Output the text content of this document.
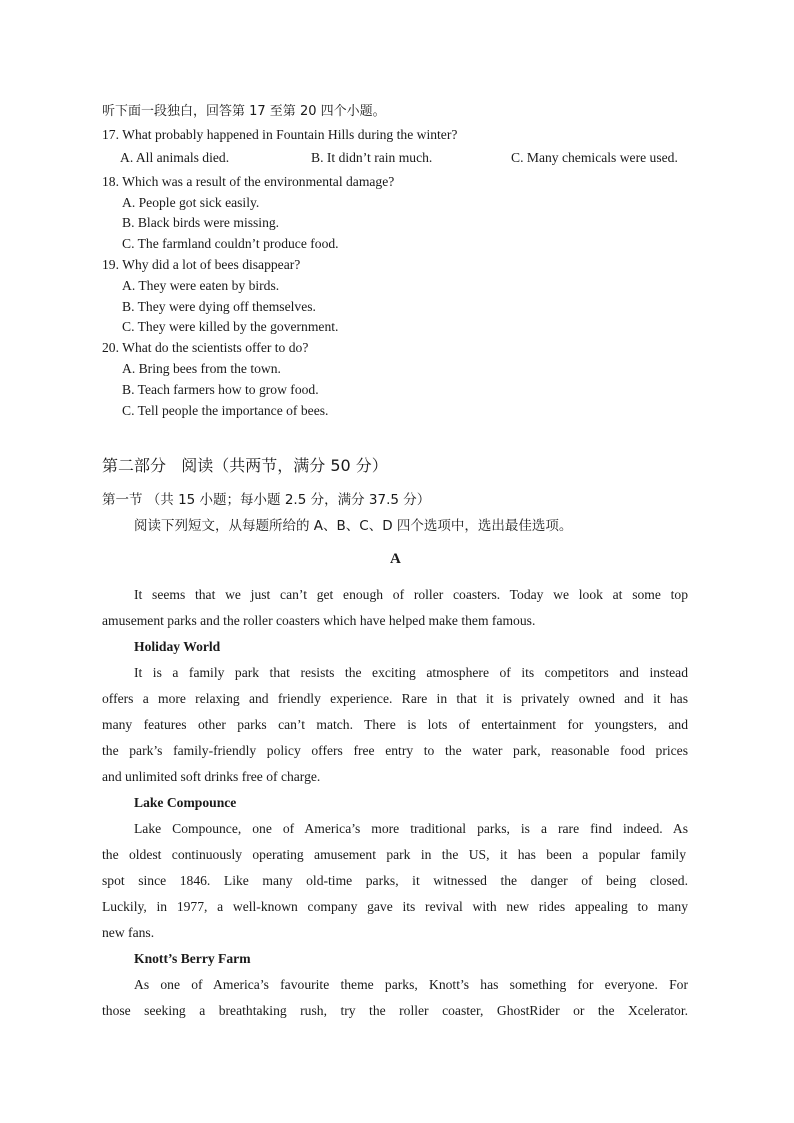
听下面一段独白，回答第 17 至第 20 四个小题。
17. What probably happened in Fountain Hills during the winter?
A. All animals died.	B. It didn’t rain much.	C. Many chemicals were used.
18. Which was a result of the environmental damage?
A. People got sick easily.
B. Black birds were missing.
C. The farmland couldn’t produce food.
19. Why did a lot of bees disappear?
A. They were eaten by birds.
B. They were dying off themselves.
C. They were killed by the government.
20. What do the scientists offer to do?
A. Bring bees from the town.
B. Teach farmers how to grow food.
C. Tell people the importance of bees.
第二部分   阅读（共两节，满分 50 分）
第一节 （共 15 小题；每小题 2.5 分，满分 37.5 分）
阅读下列短文，从每题所给的 A、B、C、D 四个选项中，选出最佳选项。
A
It seems that we just can’t get enough of roller coasters. Today we look at some top
amusement parks and the roller coasters which have helped make them famous.
Holiday World
It is a family park that resists the exciting atmosphere of its competitors and instead
offers a more relaxing and friendly experience. Rare in that it is privately owned and it has
many features other parks can’t match. There is lots of entertainment for youngsters, and
the park’s family-friendly policy offers free entry to the water park, reasonable food prices
and unlimited soft drinks free of charge.
Lake Compounce
Lake Compounce, one of America’s more traditional parks, is a rare find indeed. As
the oldest continuously operating amusement park in the US, it has been a popular family
spot since 1846. Like many old-time parks, it witnessed the danger of being closed.
Luckily, in 1977, a well-known company gave its revival with new rides appealing to many
new fans.
Knott’s Berry Farm
As one of America’s favourite theme parks, Knott’s has something for everyone. For
those seeking a breathtaking rush, try the roller coaster, GhostRider or the Xcelerator.
